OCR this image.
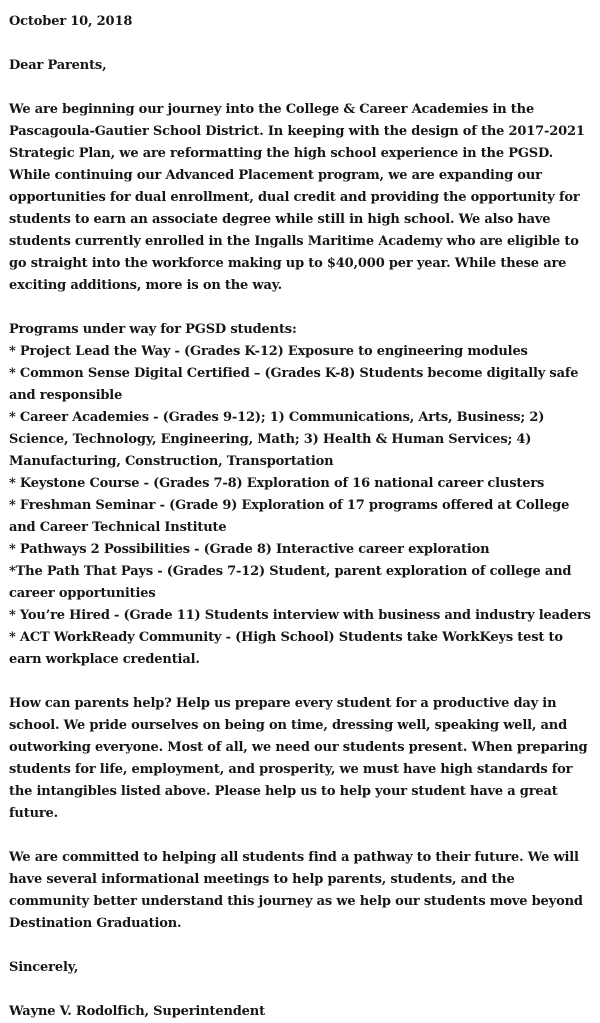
October 10, 2018

Dear Parents,

We are beginning our journey into the College & Career Academies in the Pascagoula-Gautier School District. In keeping with the design of the 2017-2021 Strategic Plan, we are reformatting the high school experience in the PGSD. While continuing our Advanced Placement program, we are expanding our opportunities for dual enrollment, dual credit and providing the opportunity for students to earn an associate degree while still in high school. We also have students currently enrolled in the Ingalls Maritime Academy who are eligible to go straight into the workforce making up to $40,000 per year. While these are exciting additions, more is on the way.

Programs under way for PGSD students:

* Project Lead the Way - (Grades K-12) Exposure to engineering modules

* Common Sense Digital Certified – (Grades K-8) Students become digitally safe and responsible

* Career Academies - (Grades 9-12); 1) Communications, Arts, Business; 2) Science, Technology, Engineering, Math; 3) Health & Human Services; 4) Manufacturing, Construction, Transportation

* Keystone Course - (Grades 7-8) Exploration of 16 national career clusters

* Freshman Seminar - (Grade 9) Exploration of 17 programs offered at College and Career Technical Institute

* Pathways 2 Possibilities - (Grade 8) Interactive career exploration

*The Path That Pays - (Grades 7-12) Student, parent exploration of college and career opportunities

* You’re Hired - (Grade 11) Students interview with business and industry leaders

* ACT WorkReady Community - (High School) Students take WorkKeys test to earn workplace credential.

How can parents help? Help us prepare every student for a productive day in school. We pride ourselves on being on time, dressing well, speaking well, and outworking everyone. Most of all, we need our students present. When preparing students for life, employment, and prosperity, we must have high standards for the intangibles listed above. Please help us to help your student have a great future.

We are committed to helping all students find a pathway to their future. We will have several informational meetings to help parents, students, and the community better understand this journey as we help our students move beyond Destination Graduation.

Sincerely,

Wayne V. Rodolfich, Superintendent
